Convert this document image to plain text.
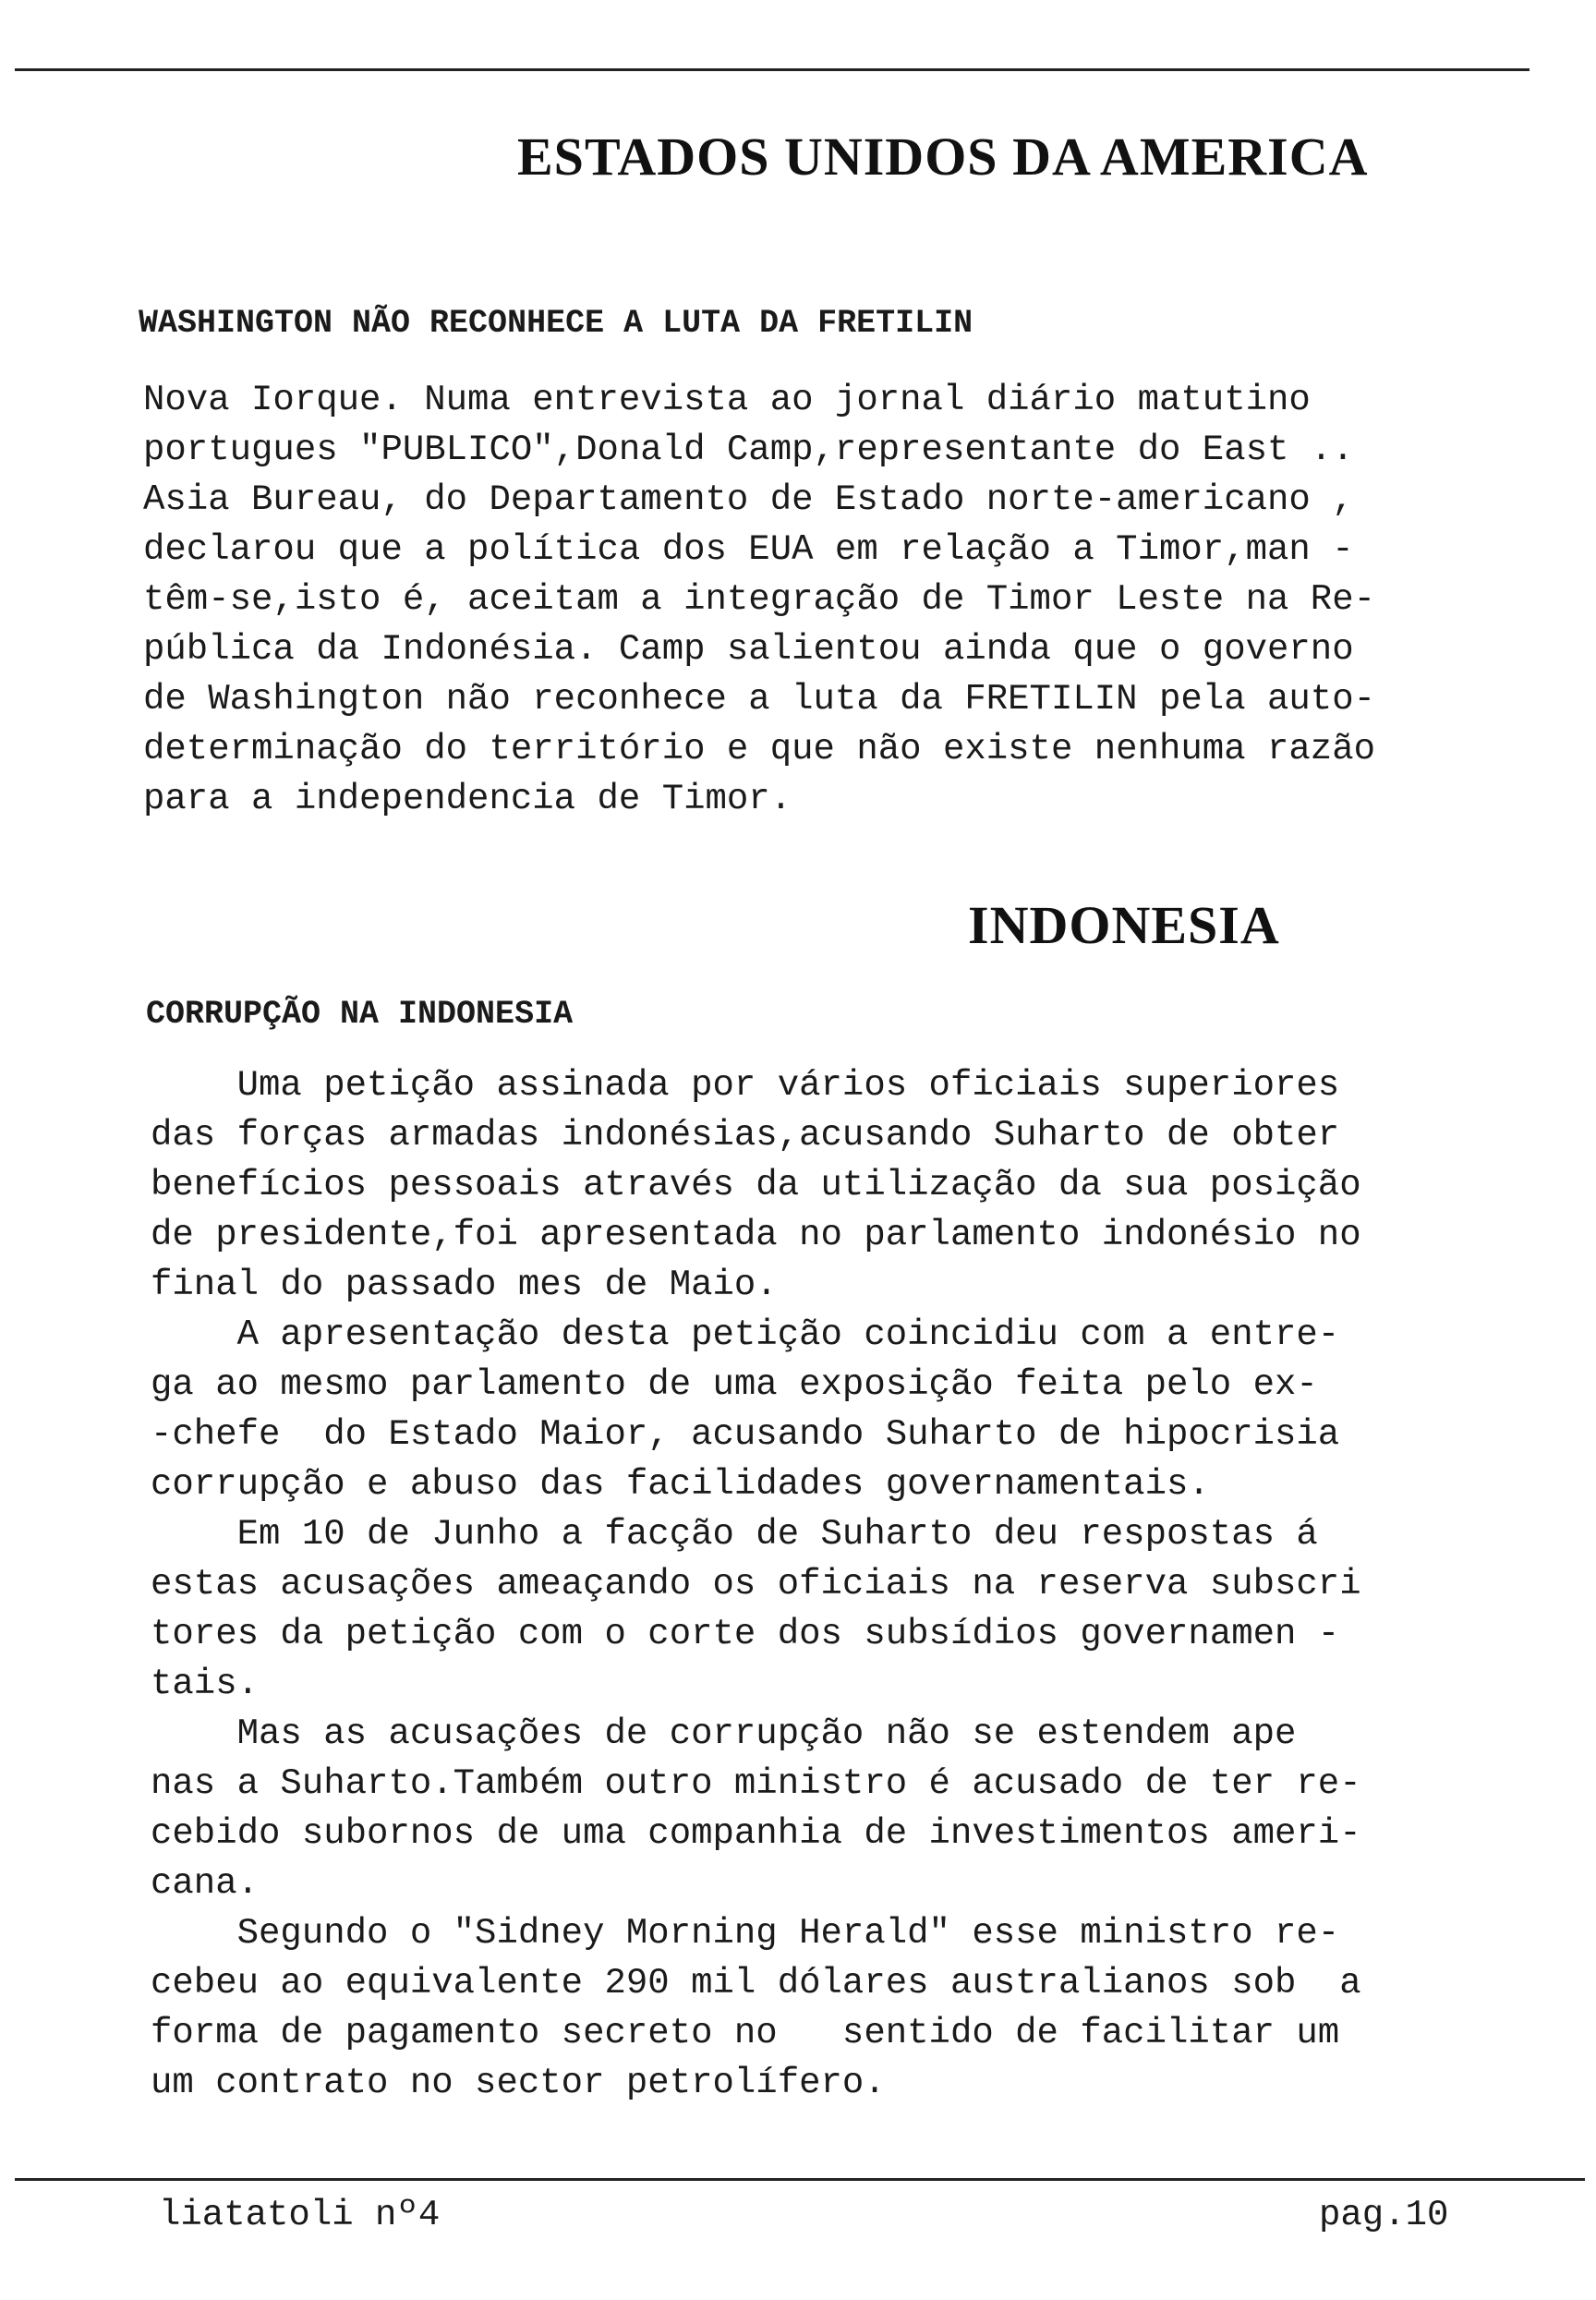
ESTADOS UNIDOS DA AMERICA
WASHINGTON NÃO RECONHECE A LUTA DA FRETILIN
Nova Iorque. Numa entrevista ao jornal diário matutino
portugues "PUBLICO",Donald Camp,representante do East ..
Asia Bureau, do Departamento de Estado norte-americano ,
declarou que a política dos EUA em relação a Timor,man -
têm-se,isto é, aceitam a integração de Timor Leste na Re-
pública da Indonésia. Camp salientou ainda que o governo
de Washington não reconhece a luta da FRETILIN pela auto-
determinação do território e que não existe nenhuma razão
para a independencia de Timor.
INDONESIA
CORRUPÇÃO NA INDONESIA
Uma petição assinada por vários oficiais superiores
das forças armadas indonésias,acusando Suharto de obter
benefícios pessoais através da utilização da sua posição
de presidente,foi apresentada no parlamento indonésio no
final do passado mes de Maio.
A apresentação desta petição coincidiu com a entre-
ga ao mesmo parlamento de uma exposição feita pelo ex-
-chefe  do Estado Maior, acusando Suharto de hipocrisia
corrupção e abuso das facilidades governamentais.
Em 10 de Junho a facção de Suharto deu respostas á
estas acusações ameaçando os oficiais na reserva subscri
tores da petição com o corte dos subsídios governamen -
tais.
Mas as acusações de corrupção não se estendem ape
nas a Suharto.Também outro ministro é acusado de ter re-
cebido subornos de uma companhia de investimentos ameri-
cana.
Segundo o "Sidney Morning Herald" esse ministro re-
cebeu ao equivalente 290 mil dólares australianos sob  a
forma de pagamento secreto no   sentido de facilitar um
um contrato no sector petrolífero.
liatatoli nº4	pag.10
